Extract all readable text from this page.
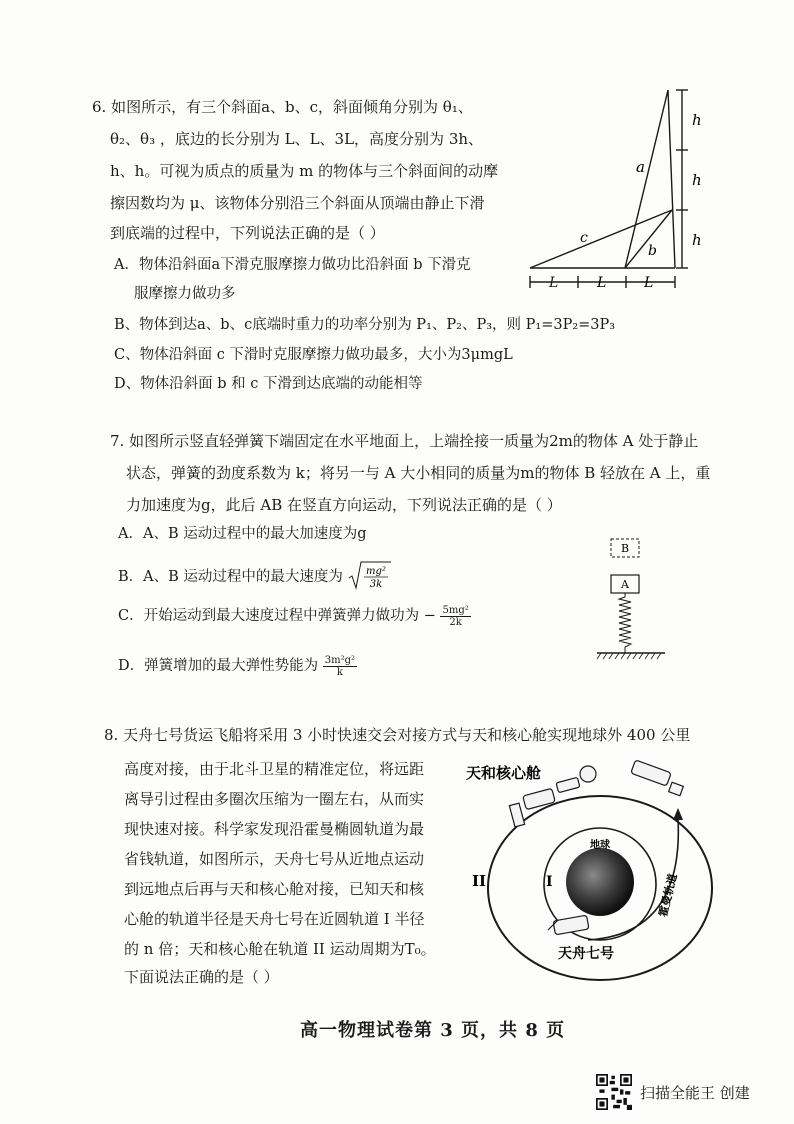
6. 如图所示，有三个斜面a、b、c，斜面倾角分别为 θ₁、
θ₂、θ₃ ，底边的长分别为 L、L、3L，高度分别为 3h、
h、h。可视为质点的质量为 m 的物体与三个斜面间的动摩
擦因数均为 μ、该物体分别沿三个斜面从顶端由静止下滑
到底端的过程中，下列说法正确的是（ ）
A．物体沿斜面a下滑克服摩擦力做功比沿斜面 b 下滑克
服摩擦力做功多
B、物体到达a、b、c底端时重力的功率分别为 P₁、P₂、P₃，则 P₁=3P₂=3P₃
C、物体沿斜面 c 下滑时克服摩擦力做功最多，大小为3μmgL
D、物体沿斜面 b 和 c 下滑到达底端的动能相等
a
b
c
h
h
h
L	L	L
7. 如图所示竖直轻弹簧下端固定在水平地面上，上端拴接一质量为2m的物体 A 处于静止
状态，弹簧的劲度系数为 k；将另一与 A 大小相同的质量为m的物体 B 轻放在 A 上，重
力加速度为g，此后 AB 在竖直方向运动，下列说法正确的是（ ）
A．A、B 运动过程中的最大加速度为g
B．A、B 运动过程中的最大速度为 mg²
3k
C．开始运动到最大速度过程中弹簧弹力做功为 − $\frac{\text{5mg²}}{2k}$
D．弹簧增加的最大弹性势能为 $\frac{\text{3m²g²}}{k}$
B
A
8. 天舟七号货运飞船将采用 3 小时快速交会对接方式与天和核心舱实现地球外 400 公里
高度对接，由于北斗卫星的精准定位，将远距
离导引过程由多圈次压缩为一圈左右，从而实
现快速对接。科学家发现沿霍曼椭圆轨道为最
省钱轨道，如图所示，天舟七号从近地点运动
到远地点后再与天和核心舱对接，已知天和核
心舱的轨道半径是天舟七号在近圆轨道 I 半径
的 n 倍；天和核心舱在轨道 II 运动周期为T₀。
下面说法正确的是（ ）
地球
霍曼轨道
II	I
天和核心舱
天舟七号
高一物理试卷第 3 页，共 8 页
扫描全能王 创建
